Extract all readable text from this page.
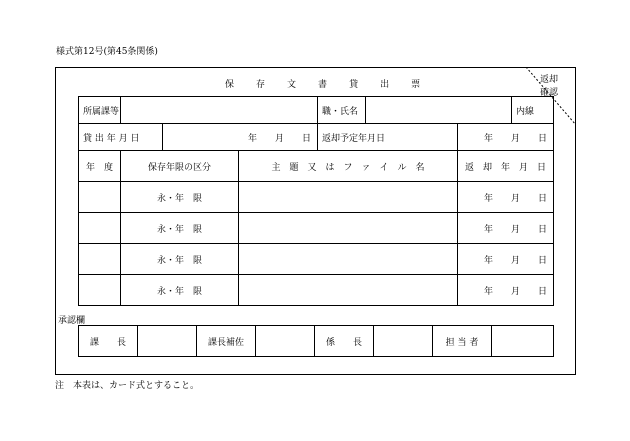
様式第12号(第45条関係)
保 存 文 書 貸 出 票	返却
確認
所属課等				職・氏名			内線
貸 出 年 月 日		年　　月　　日		返却予定年月日		年　　月　　日	
年　度	保存年限の区分		主　題　又　は　フ　ァ　イ　ル　名			返　却　年　月　日	
	永・年　限					年　　月　　日	
	永・年　限					年　　月　　日	
	永・年　限					年　　月　　日	
	永・年　限					年　　月　　日	
承認欄
課　　長		課長補佐		係　　長		担 当 者	
注　本表は、カード式とすること。
